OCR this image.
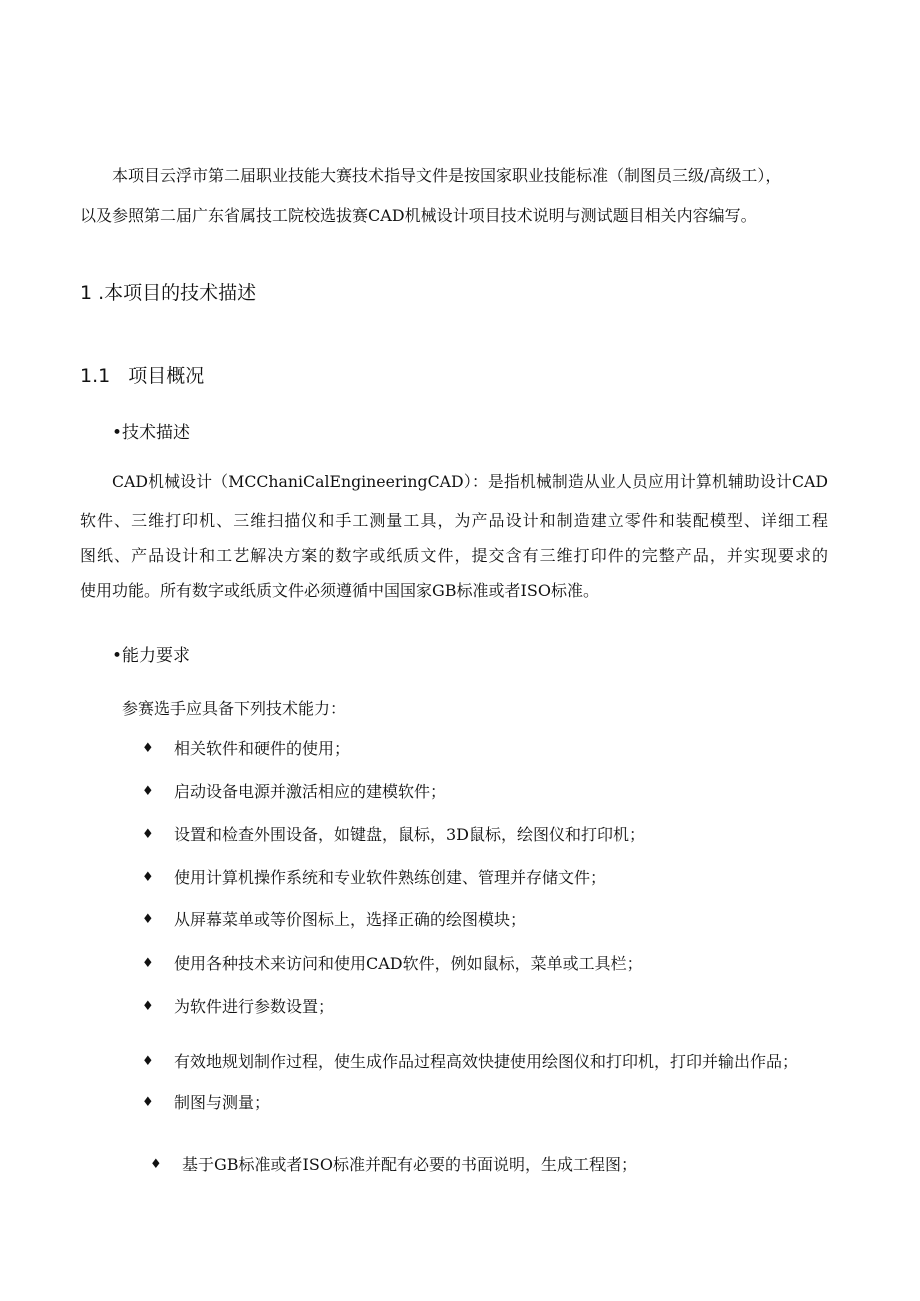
本项目云浮市第二届职业技能大赛技术指导文件是按国家职业技能标准（制图员三级/高级工），
以及参照第二届广东省属技工院校选拔赛CAD机械设计项目技术说明与测试题目相关内容编写。
1 .本项目的技术描述
1.1 项目概况
•技术描述
CAD机械设计（MCChaniCalEngineeringCAD）：是指机械制造从业人员应用计算机辅助设计CAD
软件、三维打印机、三维扫描仪和手工测量工具，为产品设计和制造建立零件和装配模型、详细工程
图纸、产品设计和工艺解决方案的数字或纸质文件，提交含有三维打印件的完整产品，并实现要求的
使用功能。所有数字或纸质文件必须遵循中国国家GB标准或者ISO标准。
•能力要求
参赛选手应具备下列技术能力：
♦ 相关软件和硬件的使用；
♦ 启动设备电源并激活相应的建模软件；
♦ 设置和检查外围设备，如键盘，鼠标，3D鼠标，绘图仪和打印机；
♦ 使用计算机操作系统和专业软件熟练创建、管理并存储文件；
♦ 从屏幕菜单或等价图标上，选择正确的绘图模块；
♦ 使用各种技术来访问和使用CAD软件，例如鼠标，菜单或工具栏；
♦ 为软件进行参数设置；
♦ 有效地规划制作过程，使生成作品过程高效快捷使用绘图仪和打印机，打印并输出作品；
♦ 制图与测量；
♦ 基于GB标准或者ISO标准并配有必要的书面说明，生成工程图；
